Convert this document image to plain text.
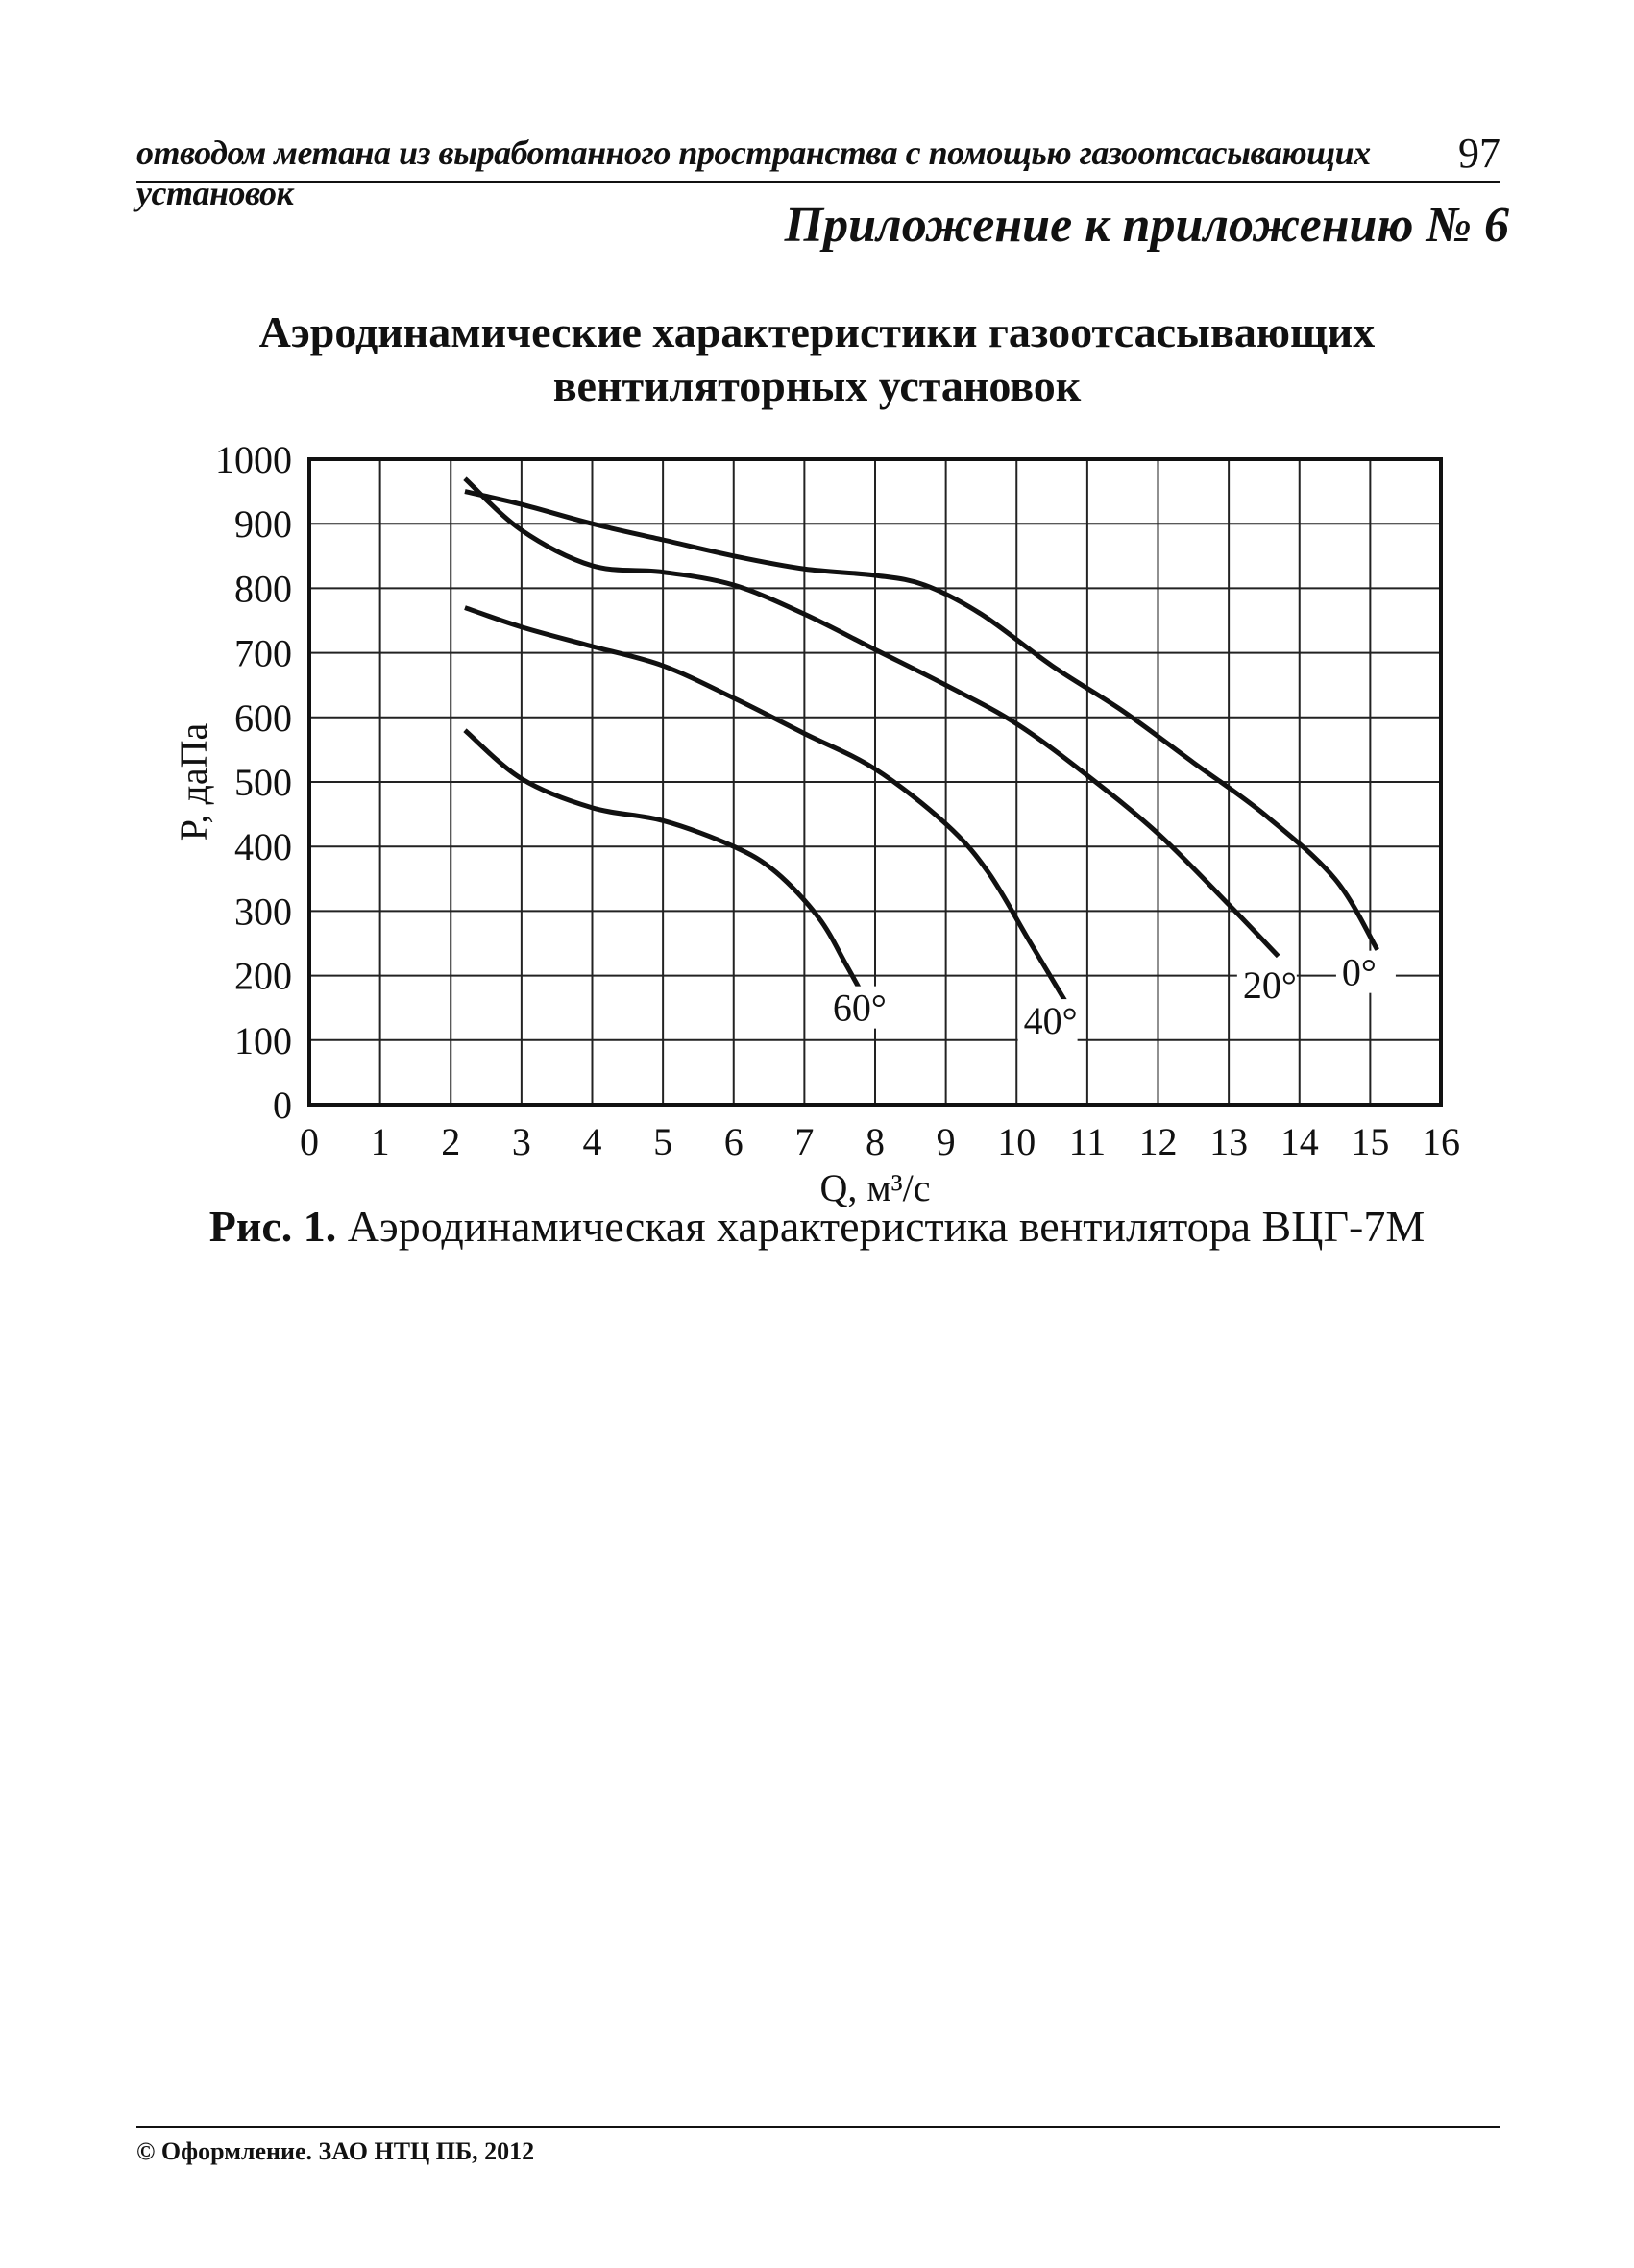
отводом метана из выработанного пространства с помощью газоотсасывающих установок
97
Приложение к приложению № 6
Аэродинамические характеристики газоотсасывающих
вентиляторных установок
0 1 2 3 4 5 6 7 8 9 10 11 12 13 14 15 16
0
100
200
300
400
500
600
700
800
900
1000
Q, м³/с
P, даПа
0°
20°
40°
60°
Рис. 1. Аэродинамическая характеристика вентилятора ВЦГ-7М
© Оформление. ЗАО НТЦ ПБ, 2012
